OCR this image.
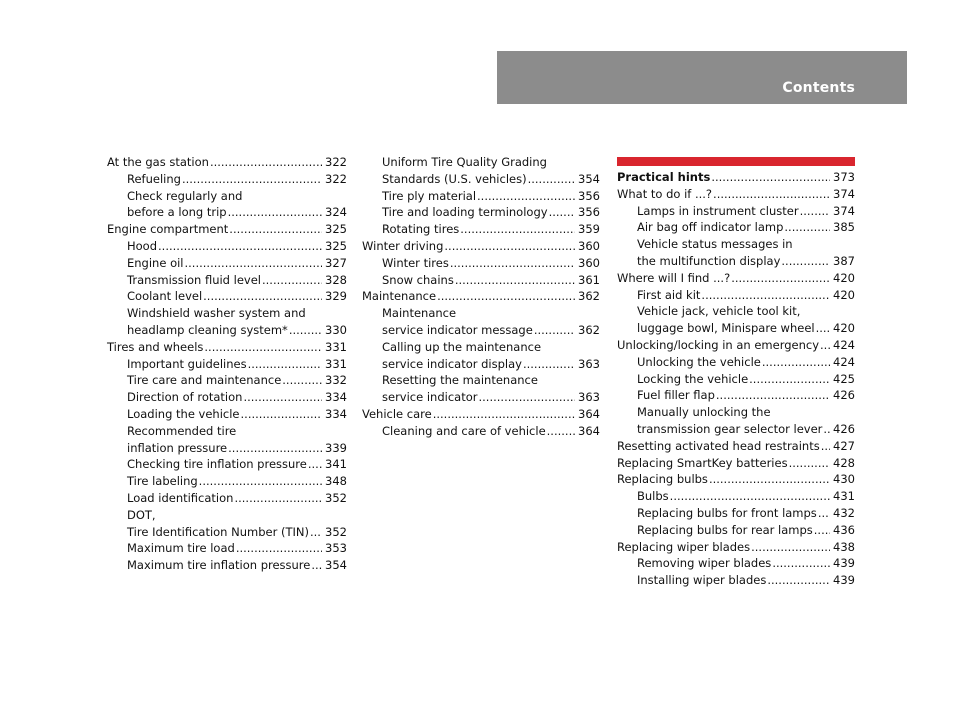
Contents
At the gas station .....	322
Refueling .....	322
Check regularly and
before a long trip .....	324
Engine compartment .....	325
Hood .....	325
Engine oil .....	327
Transmission fluid level .....	328
Coolant level .....	329
Windshield washer system and
headlamp cleaning system* .....	330
Tires and wheels .....	331
Important guidelines .....	331
Tire care and maintenance .....	332
Direction of rotation .....	334
Loading the vehicle .....	334
Recommended tire
inflation pressure .....	339
Checking tire inflation pressure ..... 341
Tire labeling .....	348
Load identification .....	352
DOT,
Tire Identification Number (TIN) ..... 352
Maximum tire load .....	353
Maximum tire inflation pressure ..... 354
Uniform Tire Quality Grading
Standards (U.S. vehicles) .....	354
Tire ply material .....	356
Tire and loading terminology .....	356
Rotating tires .....	359
Winter driving .....	360
Winter tires .....	360
Snow chains .....	361
Maintenance .....	362
Maintenance
service indicator message .....	362
Calling up the maintenance
service indicator display .....	363
Resetting the maintenance
service indicator .....	363
Vehicle care .....	364
Cleaning and care of vehicle .....	364
Practical hints .....	373
What to do if ...? .....	374
Lamps in instrument cluster .....	374
Air bag off indicator lamp .....	385
Vehicle status messages in
the multifunction display .....	387
Where will I find ...? .....	420
First aid kit .....	420
Vehicle jack, vehicle tool kit,
luggage bowl, Minispare wheel ..... 420
Unlocking/locking in an emergency ..... 424
Unlocking the vehicle .....	424
Locking the vehicle .....	425
Fuel filler flap .....	426
Manually unlocking the
transmission gear selector lever ..... 426
Resetting activated head restraints ..... 427
Replacing SmartKey batteries .....	428
Replacing bulbs .....	430
Bulbs .....	431
Replacing bulbs for front lamps ..... 432
Replacing bulbs for rear lamps ..... 436
Replacing wiper blades .....	438
Removing wiper blades .....	439
Installing wiper blades .....	439
